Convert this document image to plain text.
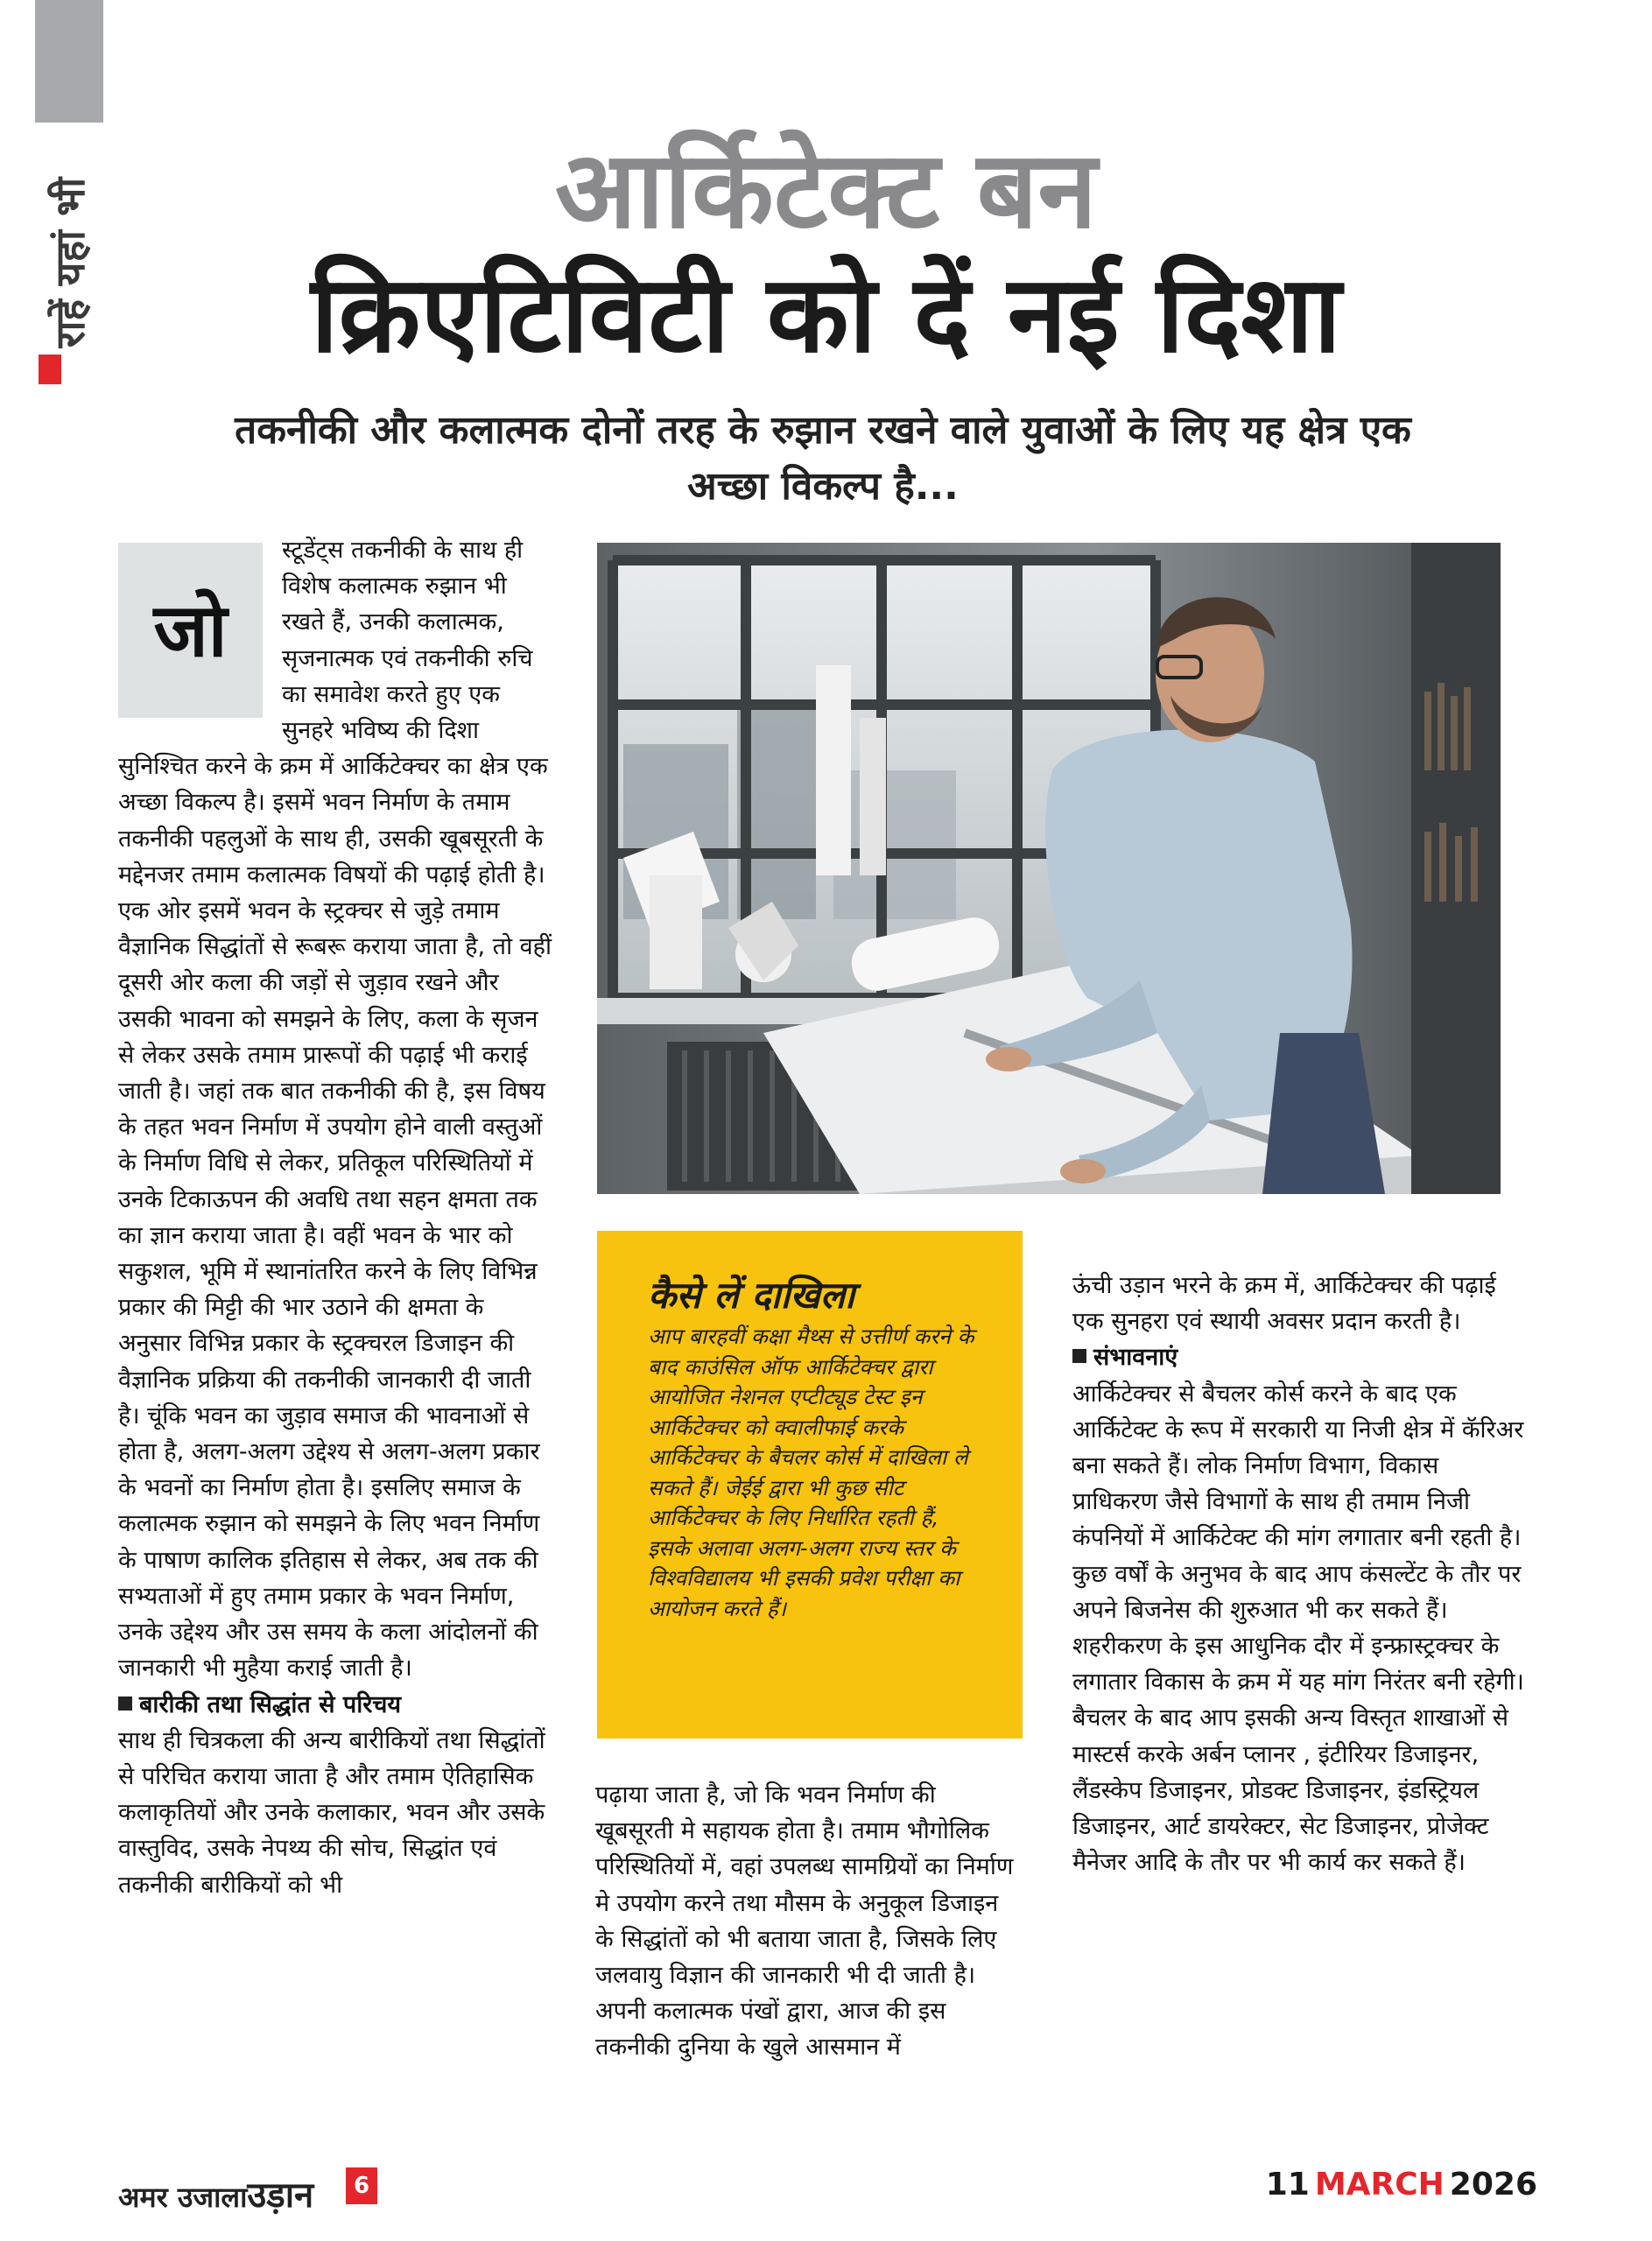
राहें यहां भी	आर्किटेक्ट बन
क्रिएटिविटी को दें नई दिशा
तकनीकी और कलात्मक दोनों तरह के रुझान रखने वाले युवाओं के लिए यह क्षेत्र एक अच्छा विकल्प है...
जो

स्टूडेंट्स तकनीकी के साथ ही विशेष कलात्मक रुझान भी रखते हैं, उनकी कलात्मक, सृजनात्मक एवं तकनीकी रुचि का समावेश करते हुए एक सुनहरे भविष्य की दिशा सुनिश्चित करने के क्रम में आर्किटेक्चर का क्षेत्र एक अच्छा विकल्प है। इसमें भवन निर्माण के तमाम तकनीकी पहलुओं के साथ ही, उसकी खूबसूरती के मद्देनजर तमाम कलात्मक विषयों की पढ़ाई होती है। एक ओर इसमें भवन के स्ट्रक्चर से जुड़े तमाम वैज्ञानिक सिद्धांतों से रूबरू कराया जाता है, तो वहीं दूसरी ओर कला की जड़ों से जुड़ाव रखने और उसकी भावना को समझने के लिए, कला के सृजन से लेकर उसके तमाम प्रारूपों की पढ़ाई भी कराई जाती है। जहां तक बात तकनीकी की है, इस विषय के तहत भवन निर्माण में उपयोग होने वाली वस्तुओं के निर्माण विधि से लेकर, प्रतिकूल परिस्थितियों में उनके टिकाऊपन की अवधि तथा सहन क्षमता तक का ज्ञान कराया जाता है। वहीं भवन के भार को सकुशल, भूमि में स्थानांतरित करने के लिए विभिन्न प्रकार की मिट्टी की भार उठाने की क्षमता के अनुसार विभिन्न प्रकार के स्ट्रक्चरल डिजाइन की वैज्ञानिक प्रक्रिया की तकनीकी जानकारी दी जाती है। चूंकि भवन का जुड़ाव समाज की भावनाओं से होता है, अलग-अलग उद्देश्य से अलग-अलग प्रकार के भवनों का निर्माण होता है। इसलिए समाज के कलात्मक रुझान को समझने के लिए भवन निर्माण के पाषाण कालिक इतिहास से लेकर, अब तक की सभ्यताओं में हुए तमाम प्रकार के भवन निर्माण, उनके उद्देश्य और उस समय के कला आंदोलनों की जानकारी भी मुहैया कराई जाती है।

बारीकी तथा सिद्धांत से परिचय

साथ ही चित्रकला की अन्य बारीकियों तथा सिद्धांतों से परिचित कराया जाता है और तमाम ऐतिहासिक कलाकृतियों और उनके कलाकार, भवन और उसके वास्तुविद, उसके नेपथ्य की सोच, सिद्धांत एवं तकनीकी बारीकियों को भी

कैसे लें दाखिला

आप बारहवीं कक्षा मैथ्स से उत्तीर्ण करने के बाद काउंसिल ऑफ आर्किटेक्चर द्वारा आयोजित नेशनल एप्टीट्यूड टेस्ट इन आर्किटेक्चर को क्वालीफाई करके आर्किटेक्चर के बैचलर कोर्स में दाखिला ले सकते हैं। जेईई द्वारा भी कुछ सीट आर्किटेक्चर के लिए निर्धारित रहती हैं, इसके अलावा अलग-अलग राज्य स्तर के विश्वविद्यालय भी इसकी प्रवेश परीक्षा का आयोजन करते हैं।

पढ़ाया जाता है, जो कि भवन निर्माण की खूबसूरती मे सहायक होता है। तमाम भौगोलिक परिस्थितियों में, वहां उपलब्ध सामग्रियों का निर्माण मे उपयोग करने तथा मौसम के अनुकूल डिजाइन के सिद्धांतों को भी बताया जाता है, जिसके लिए जलवायु विज्ञान की जानकारी भी दी जाती है। अपनी कलात्मक पंखों द्वारा, आज की इस तकनीकी दुनिया के खुले आसमान में

ऊंची उड़ान भरने के क्रम में, आर्किटेक्चर की पढ़ाई एक सुनहरा एवं स्थायी अवसर प्रदान करती है।

संभावनाएं

आर्किटेक्चर से बैचलर कोर्स करने के बाद एक आर्किटेक्ट के रूप में सरकारी या निजी क्षेत्र में कॅरिअर बना सकते हैं। लोक निर्माण विभाग, विकास प्राधिकरण जैसे विभागों के साथ ही तमाम निजी कंपनियों में आर्किटेक्ट की मांग लगातार बनी रहती है। कुछ वर्षों के अनुभव के बाद आप कंसल्टेंट के तौर पर अपने बिजनेस की शुरुआत भी कर सकते हैं। शहरीकरण के इस आधुनिक दौर में इन्फ्रास्ट्रक्चर के लगातार विकास के क्रम में यह मांग निरंतर बनी रहेगी। बैचलर के बाद आप इसकी अन्य विस्तृत शाखाओं से मास्टर्स करके अर्बन प्लानर , इंटीरियर डिजाइनर, लैंडस्केप डिजाइनर, प्रोडक्ट डिजाइनर, इंडस्ट्रियल डिजाइनर, आर्ट डायरेक्टर, सेट डिजाइनर, प्रोजेक्ट मैनेजर आदि के तौर पर भी कार्य कर सकते हैं।

अमर उजालाउड़ान	6	11 MARCH 2026
